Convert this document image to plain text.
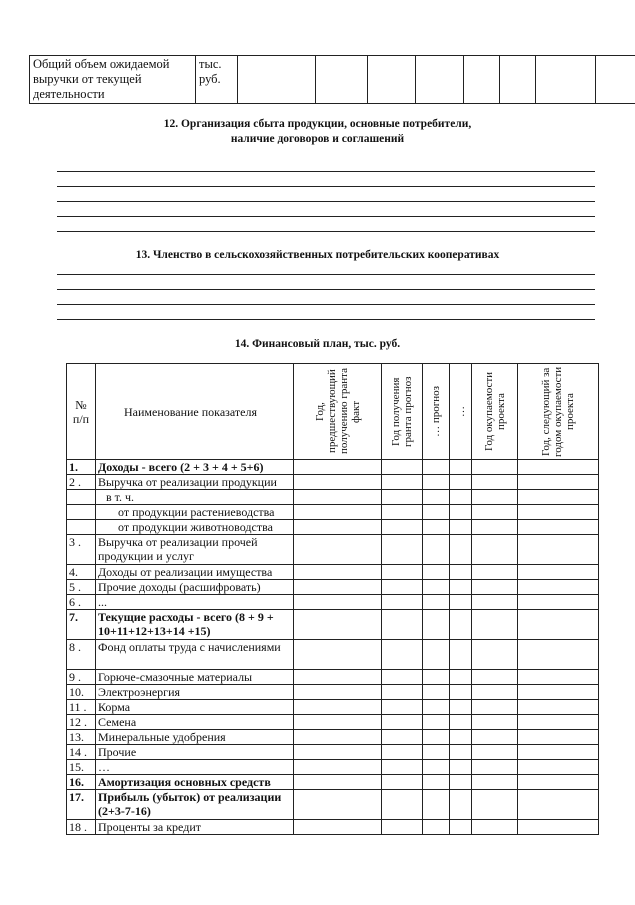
Общий объем ожидаемой выручки от текущей деятельности	тыс. руб.								
12. Организация сбыта продукции, основные потребители,
наличие договоров и соглашений
13. Членство в сельскохозяйственных потребительских кооперативах
14. Финансовый план, тыс. руб.
№ п/п	Наименование показателя	Год, предшествующий получению гранта факт	Год получения гранта прогноз	… прогноз	…	Год окупаемости проекта	Год, следующий за годом окупаемости проекта

1.	Доходы - всего (2 + 3 + 4 + 5+6)						
2 .	Выручка от реализации продукции						
	в т. ч.						
	от продукции растениеводства						
	от продукции животноводства						
3 .	Выручка от реализации прочей продукции и услуг						
4.	Доходы от реализации имущества						
5 .	Прочие доходы (расшифровать)						
6 .	...						
7.	Текущие расходы - всего (8 + 9 + 10+11+12+13+14 +15)						
8 .	Фонд оплаты труда с начислениями						
9 .	Горюче-смазочные материалы						
10.	Электроэнергия						
11 .	Корма						
12 .	Семена						
13.	Минеральные удобрения						
14 .	Прочие						
15.	…						
16.	Амортизация основных средств						
17.	Прибыль (убыток) от реализации (2+3-7-16)						
18 .	Проценты за кредит						
